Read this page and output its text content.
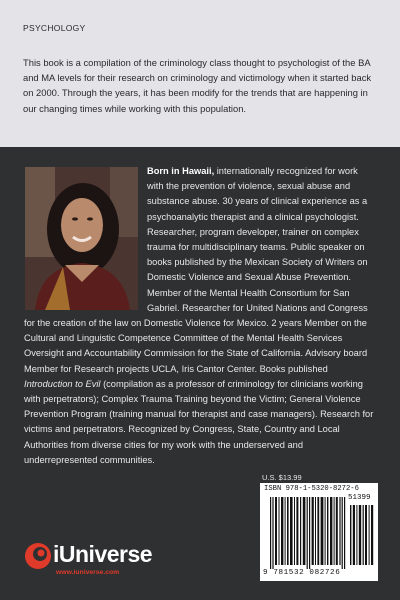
PSYCHOLOGY

This book is a compilation of the criminology class thought to psychologist of the BA and MA levels for their research on criminology and victimology when it started back on 2000. Through the years, it has been modify for the trends that are happening in our changing times while working with this population.

Born in Hawaii, internationally recognized for work with the prevention of violence, sexual abuse and substance abuse. 30 years of clinical experience as a psychoanalytic therapist and a clinical psychologist. Researcher, program developer, trainer on complex trauma for multidisciplinary teams. Public speaker on books published by the Mexican Society of Writers on Domestic Violence and Sexual Abuse Prevention. Member of the Mental Health Consortium for San Gabriel. Researcher for United Nations and Congress for the creation of the law on Domestic Violence for Mexico. 2 years Member on the Cultural and Linguistic Competence Committee of the Mental Health Services Oversight and Accountability Commission for the State of California. Advisory board Member for Research projects UCLA, Iris Cantor Center. Books published Introduction to Evil (compilation as a professor of criminology for clinicians working with perpetrators); Complex Trauma Training beyond the Victim; General Violence Prevention Program (training manual for therapist and case managers). Research for victims and perpetrators. Recognized by Congress, State, Country and Local Authorities from diverse cities for my work with the underserved and underrepresented communities.

U.S. $13.99
ISBN 978-1-5320-8272-6
51399
9 781532 082726
iUniverse
www.iuniverse.com
